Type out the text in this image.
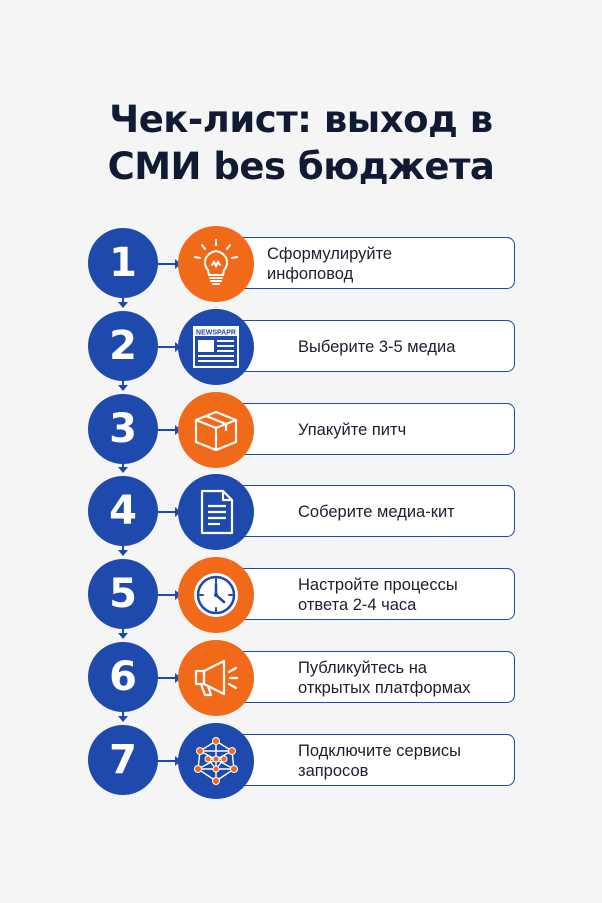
Чек-лист: выход в
СМИ bеs бюджета
1	Сформулируйте инфоповод
2	Выберите 3-5 медиа
NEWSPAPR
3	Упакуйте питч
4	Соберите медиа-кит
5	Настройте процессы
ответа 2-4 часа
6	Публикуйтесь на
открытых платформах
7	Подключите сервисы
запросов
